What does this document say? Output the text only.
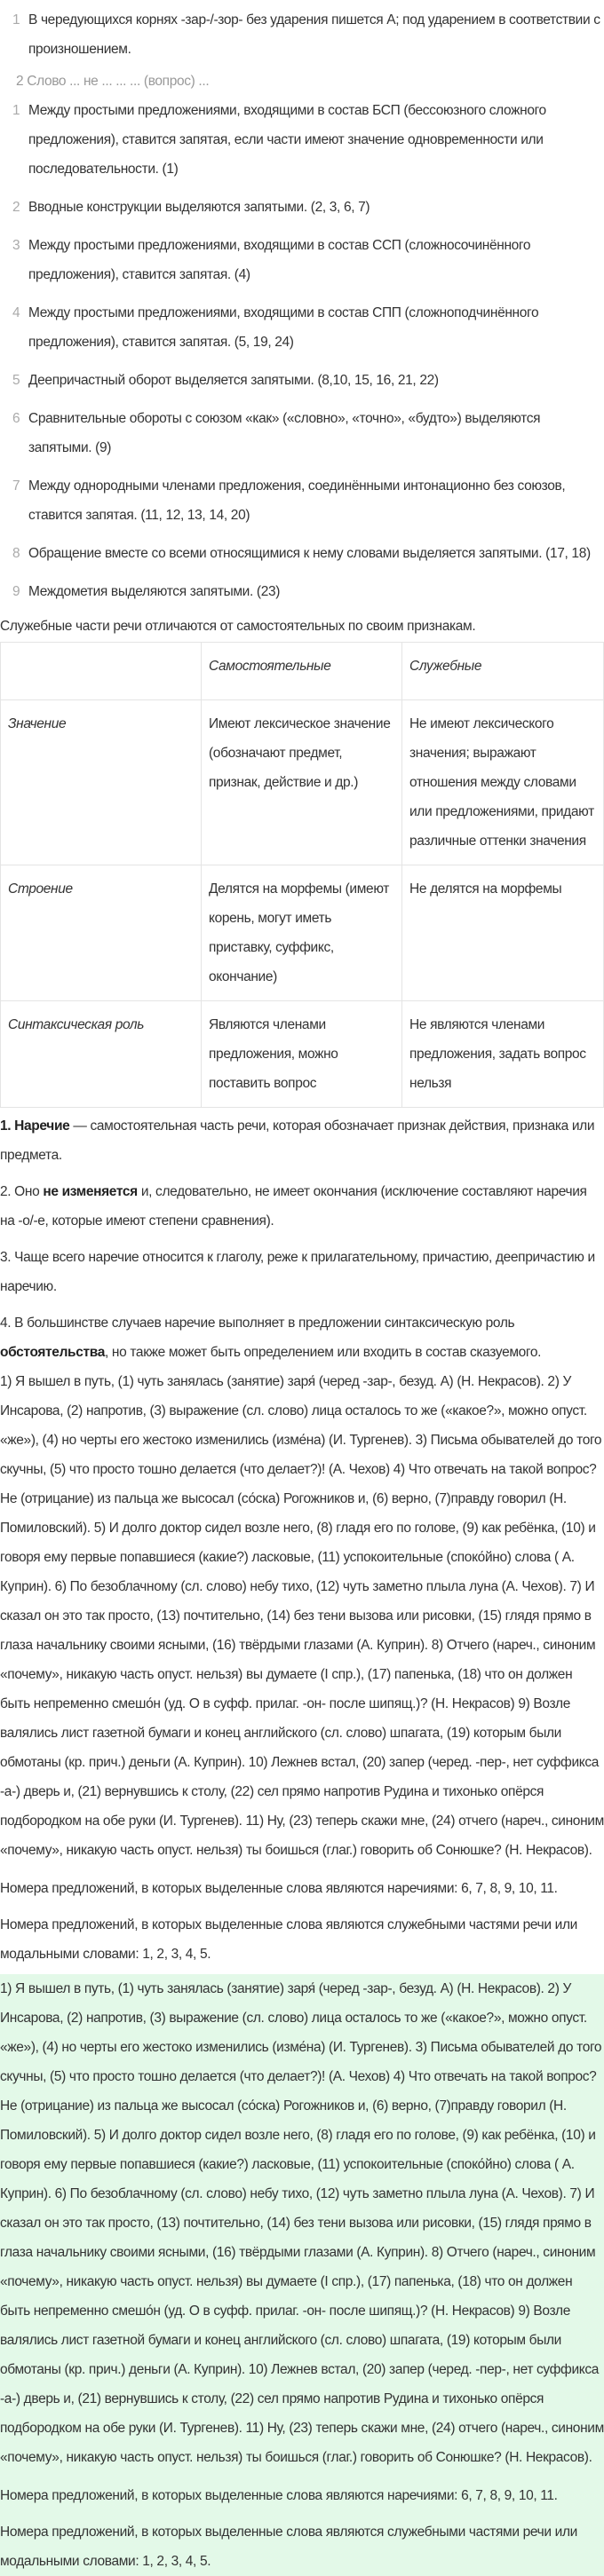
1 В чередующихся корнях -зар-/-зор- без ударения пишется А; под ударением в соответствии с произношением.
2 Слово ... не ... ... ... (вопрос) ...
1 Между простыми предложениями, входящими в состав БСП (бессоюзного сложного предложения), ставится запятая, если части имеют значение одновременности или последовательности. (1)
2 Вводные конструкции выделяются запятыми. (2, 3, 6, 7)
3 Между простыми предложениями, входящими в состав ССП (сложносочинённого предложения), ставится запятая. (4)
4 Между простыми предложениями, входящими в состав СПП (сложноподчинённого предложения), ставится запятая. (5, 19, 24)
5 Деепричастный оборот выделяется запятыми. (8,10, 15, 16, 21, 22)
6 Сравнительные обороты с союзом «как» («словно», «точно», «будто») выделяются запятыми. (9)
7 Между однородными членами предложения, соединёнными интонационно без союзов, ставится запятая. (11, 12, 13, 14, 20)
8 Обращение вместе со всеми относящимися к нему словами выделяется запятыми. (17, 18)
9 Междометия выделяются запятыми. (23)
Служебные части речи отличаются от самостоятельных по своим признакам.
	Самостоятельные	Служебные
Значение	Имеют лексическое значение (обозначают предмет, признак, действие и др.)	Не имеют лексического значения; выражают отношения между словами или предложениями, придают различные оттенки значения
Строение	Делятся на морфемы (имеют корень, могут иметь приставку, суффикс, окончание)	Не делятся на морфемы
Синтаксическая роль	Являются членами предложения, можно поставить вопрос	Не являются членами предложения, задать вопрос нельзя
1. Наречие — самостоятельная часть речи, которая обозначает признак действия, признака или предмета.
2. Оно не изменяется и, следовательно, не имеет окончания (исключение составляют наречия на -о/-е, которые имеют степени сравнения).
3. Чаще всего наречие относится к глаголу, реже к прилагательному, причастию, деепричастию и наречию.
4. В большинстве случаев наречие выполняет в предложении синтаксическую роль обстоятельства, но также может быть определением или входить в состав сказуемого.
1) Я вышел в путь, (1) чуть занялась (занятие) заря́ (черед -зар-, безуд. А) (Н. Некрасов). 2) У Инсарова, (2) напротив, (3) выражение (сл. слово) лица осталось то же («какое?», можно опуст. «же»), (4) но черты его жестоко изменились (изме́на) (И. Тургенев). 3) Письма обывателей до того скучны, (5) что просто тошно делается (что делает?)! (А. Чехов) 4) Что отвечать на такой вопрос? Не (отрицание) из пальца же высосал (со́ска) Рогожников и, (6) верно, (7)правду говорил (Н. Помиловский). 5) И долго доктор сидел возле него, (8) гладя его по голове, (9) как ребёнка, (10) и говоря ему первые попавшиеся (какие?) ласковые, (11) успокоительные (споко́йно) слова ( А. Куприн). 6) По безоблачному (сл. слово) небу тихо, (12) чуть заметно плыла луна (А. Чехов). 7) И сказал он это так просто, (13) почтительно, (14) без тени вызова или рисовки, (15) глядя прямо в глаза начальнику своими ясными, (16) твёрдыми глазами (А. Куприн). 8) Отчего (нареч., синоним «почему», никакую часть опуст. нельзя) вы думаете (I спр.), (17) папенька, (18) что он должен быть непременно смешо́н (уд. О в суфф. прилаг. -он- после шипящ.)? (Н. Некрасов) 9) Возле валялись лист газетной бумаги и конец английского (сл. слово) шпагата, (19) которым были обмотаны (кр. прич.) деньги (А. Куприн). 10) Лежнев встал, (20) запер (черед. -пер-, нет суффикса -а-) дверь и, (21) вернувшись к столу, (22) сел прямо напротив Рудина и тихонько опёрся подбородком на обе руки (И. Тургенев). 11) Ну, (23) теперь скажи мне, (24) отчего (нареч., синоним «почему», никакую часть опуст. нельзя) ты боишься (глаг.) говорить об Сонюшке? (Н. Некрасов).
Номера предложений, в которых выделенные слова являются наречиями: 6, 7, 8, 9, 10, 11.
Номера предложений, в которых выделенные слова являются служебными частями речи или модальными словами: 1, 2, 3, 4, 5.
1) Я вышел в путь, (1) чуть занялась (занятие) заря́ (черед -зар-, безуд. А) (Н. Некрасов). 2) У Инсарова, (2) напротив, (3) выражение (сл. слово) лица осталось то же («какое?», можно опуст. «же»), (4) но черты его жестоко изменились (изме́на) (И. Тургенев). 3) Письма обывателей до того скучны, (5) что просто тошно делается (что делает?)! (А. Чехов) 4) Что отвечать на такой вопрос? Не (отрицание) из пальца же высосал (со́ска) Рогожников и, (6) верно, (7)правду говорил (Н. Помиловский). 5) И долго доктор сидел возле него, (8) гладя его по голове, (9) как ребёнка, (10) и говоря ему первые попавшиеся (какие?) ласковые, (11) успокоительные (споко́йно) слова ( А. Куприн). 6) По безоблачному (сл. слово) небу тихо, (12) чуть заметно плыла луна (А. Чехов). 7) И сказал он это так просто, (13) почтительно, (14) без тени вызова или рисовки, (15) глядя прямо в глаза начальнику своими ясными, (16) твёрдыми глазами (А. Куприн). 8) Отчего (нареч., синоним «почему», никакую часть опуст. нельзя) вы думаете (I спр.), (17) папенька, (18) что он должен быть непременно смешо́н (уд. О в суфф. прилаг. -он- после шипящ.)? (Н. Некрасов) 9) Возле валялись лист газетной бумаги и конец английского (сл. слово) шпагата, (19) которым были обмотаны (кр. прич.) деньги (А. Куприн). 10) Лежнев встал, (20) запер (черед. -пер-, нет суффикса -а-) дверь и, (21) вернувшись к столу, (22) сел прямо напротив Рудина и тихонько опёрся подбородком на обе руки (И. Тургенев). 11) Ну, (23) теперь скажи мне, (24) отчего (нареч., синоним «почему», никакую часть опуст. нельзя) ты боишься (глаг.) говорить об Сонюшке? (Н. Некрасов).
Номера предложений, в которых выделенные слова являются наречиями: 6, 7, 8, 9, 10, 11.
Номера предложений, в которых выделенные слова являются служебными частями речи или модальными словами: 1, 2, 3, 4, 5.
